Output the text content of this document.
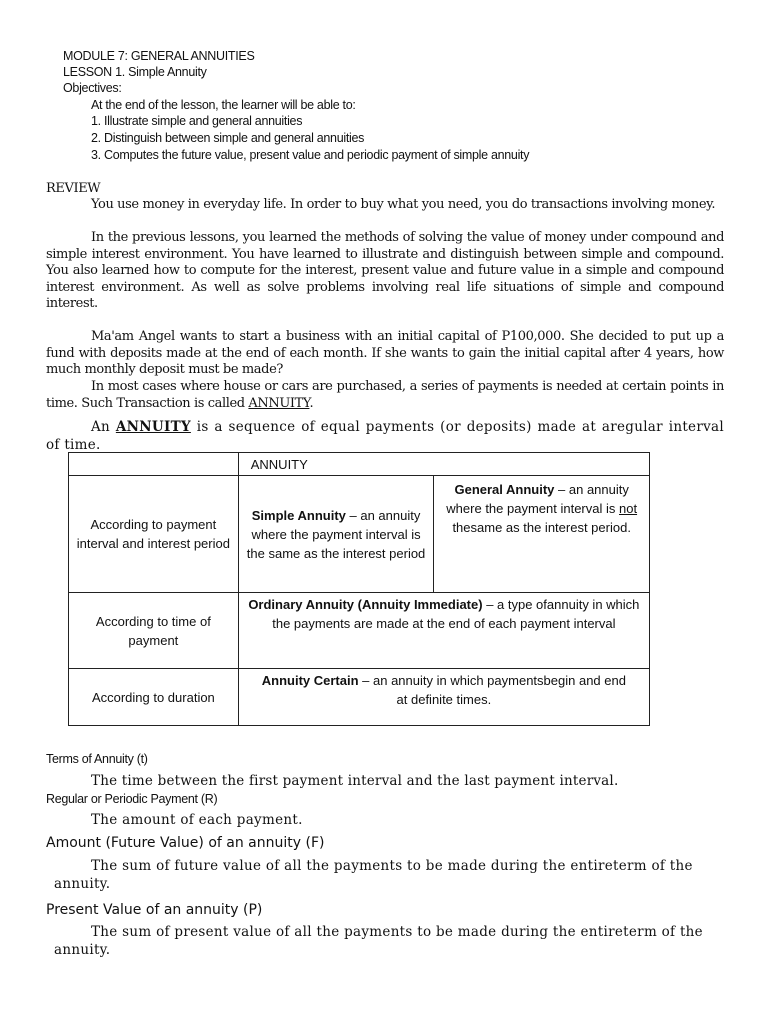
MODULE 7: GENERAL ANNUITIES
LESSON 1. Simple Annuity
Objectives:
At the end of the lesson, the learner will be able to:
1. Illustrate simple and general annuities
2. Distinguish between simple and general annuities
3. Computes the future value, present value and periodic payment of simple annuity
REVIEW
You use money in everyday life. In order to buy what you need, you do transactions involving money.
In the previous lessons, you learned the methods of solving the value of money under compound and simple interest environment. You have learned to illustrate and distinguish between simple and compound. You also learned how to compute for the interest, present value and future value in a simple and compound interest environment. As well as solve problems involving real life situations of simple and compound interest.
Ma'am Angel wants to start a business with an initial capital of P100,000. She decided to put up a fund with deposits made at the end of each month. If she wants to gain the initial capital after 4 years, how much monthly deposit must be made?
In most cases where house or cars are purchased, a series of payments is needed at certain points in time. Such Transaction is called ANNUITY.
An ANNUITY is a sequence of equal payments (or deposits) made at aregular interval of time.
	ANNUITY	
According to payment interval and interest period	Simple Annuity – an annuity where the payment interval is the same as the interest period	General Annuity – an annuity where the payment interval is not thesame as the interest period.
According to time of payment	Ordinary Annuity (Annuity Immediate) – a type ofannuity in which the payments are made at the end of each payment interval	
According to duration	Annuity Certain – an annuity in which paymentsbegin and end at definite times.	
Terms of Annuity (t)
The time between the first payment interval and the last payment interval.
Regular or Periodic Payment (R)
The amount of each payment.
Amount (Future Value) of an annuity (F)
The sum of future value of all the payments to be made during the entireterm of the annuity.
Present Value of an annuity (P)
The sum of present value of all the payments to be made during the entireterm of the annuity.
